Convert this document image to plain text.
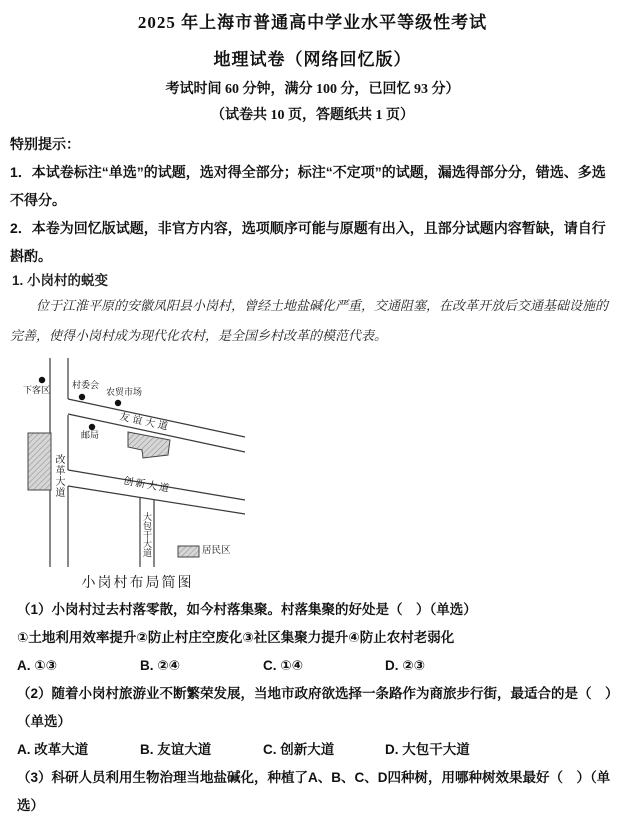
2025 年上海市普通高中学业水平等级性考试
地理试卷（网络回忆版）
考试时间 60 分钟，满分 100 分，已回忆 93 分）
（试卷共 10 页，答题纸共 1 页）

特别提示：

1．本试卷标注“单选”的试题，选对得全部分；标注“不定项”的试题，漏选得部分分，错选、多选不得分。

2．本卷为回忆版试题，非官方内容，选项顺序可能与原题有出入，且部分试题内容暂缺，请自行斟酌。

1. 小岗村的蜕变
位于江淮平原的安徽凤阳县小岗村，曾经土地盐碱化严重，交通阻塞，在改革开放后交通基础设施的完善，使得小岗村成为现代化农村，是全国乡村改革的模范代表。
下客区 村委会
农贸市场
邮局
友谊大道
创新大道
改革大道
大包干大道	居民区
小岗村布局简图

（1）小岗村过去村落零散，如今村落集聚。村落集聚的好处是（　）（单选）

①土地利用效率提升②防止村庄空废化③社区集聚力提升④防止农村老弱化

A. ①③	B. ②④	C. ①④	D. ②③

（2）随着小岗村旅游业不断繁荣发展，当地市政府欲选择一条路作为商旅步行街，最适合的是（　）（单选）

A. 改革大道	B. 友谊大道	C. 创新大道	D. 大包干大道

（3）科研人员利用生物治理当地盐碱化，种植了A、B、C、D四种树，用哪种树效果最好（　）（单选）
